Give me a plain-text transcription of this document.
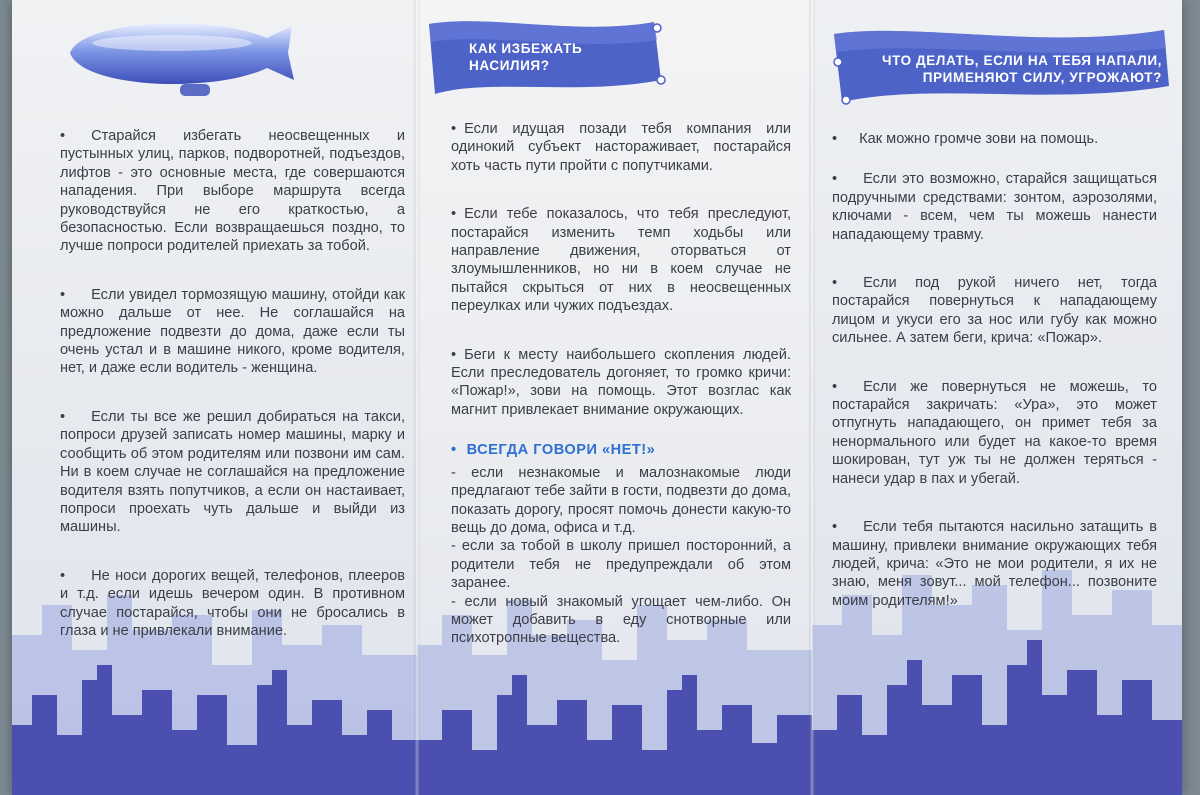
• Старайся избегать неосвещенных и пустынных улиц, парков, подворотней, подъездов, лифтов - это основные места, где совершаются нападения. При выборе маршрута всегда руководствуйся не его краткостью, а безопасностью. Если возвращаешься поздно, то лучше попроси родителей приехать за тобой.

• Если увидел тормозящую машину, отойди как можно дальше от нее. Не соглашайся на предложение подвезти до дома, даже если ты очень устал и в машине никого, кроме водителя, нет, и даже если водитель - женщина.

• Если ты все же решил добираться на такси, попроси друзей записать номер машины, марку и сообщить об этом родителям или позвони им сам. Ни в коем случае не соглашайся на предложение водителя взять попутчиков, а если он настаивает, попроси проехать чуть дальше и выйди из машины.

• Не носи дорогих вещей, телефонов, плееров и т.д. если идешь вечером один. В противном случае постарайся, чтобы они не бросались в глаза и не привлекали внимание.

КАК ИЗБЕЖАТЬ
НАСИЛИЯ?

• Если идущая позади тебя компания или одинокий субъект настораживает, постарайся хоть часть пути пройти с попутчиками.

• Если тебе показалось, что тебя преследуют, постарайся изменить темп ходьбы или направление движения, оторваться от злоумышленников, но ни в коем случае не пытайся скрыться от них в неосвещенных переулках или чужих подъездах.

• Беги к месту наибольшего скопления людей. Если преследователь догоняет, то громко кричи: «Пожар!», зови на помощь. Этот возглас как магнит привлекает внимание окружающих.

• ВСЕГДА ГОВОРИ «НЕТ!»
- если незнакомые и малознакомые люди предлагают тебе зайти в гости, подвезти до дома, показать дорогу, просят помочь донести какую-то вещь до дома, офиса и т.д.
- если за тобой в школу пришел посторонний, а родители тебя не предупреждали об этом заранее.
- если новый знакомый угощает чем-либо. Он может добавить в еду снотворные или психотропные вещества.
ЧТО ДЕЛАТЬ, ЕСЛИ НА ТЕБЯ НАПАЛИ,
ПРИМЕНЯЮТ СИЛУ, УГРОЖАЮТ?

• Как можно громче зови на помощь.

• Если это возможно, старайся защищаться подручными средствами: зонтом, аэрозолями, ключами - всем, чем ты можешь нанести нападающему травму.

• Если под рукой ничего нет, тогда постарайся повернуться к нападающему лицом и укуси его за нос или губу как можно сильнее. А затем беги, крича: «Пожар».

• Если же повернуться не можешь, то постарайся закричать: «Ура», это может отпугнуть нападающего, он примет тебя за ненормального или будет на какое-то время шокирован, тут уж ты не должен теряться - нанеси удар в пах и убегай.

• Если тебя пытаются насильно затащить в машину, привлеки внимание окружающих тебя людей, крича: «Это не мои родители, я их не знаю, меня зовут... мой телефон... позвоните моим родителям!»
